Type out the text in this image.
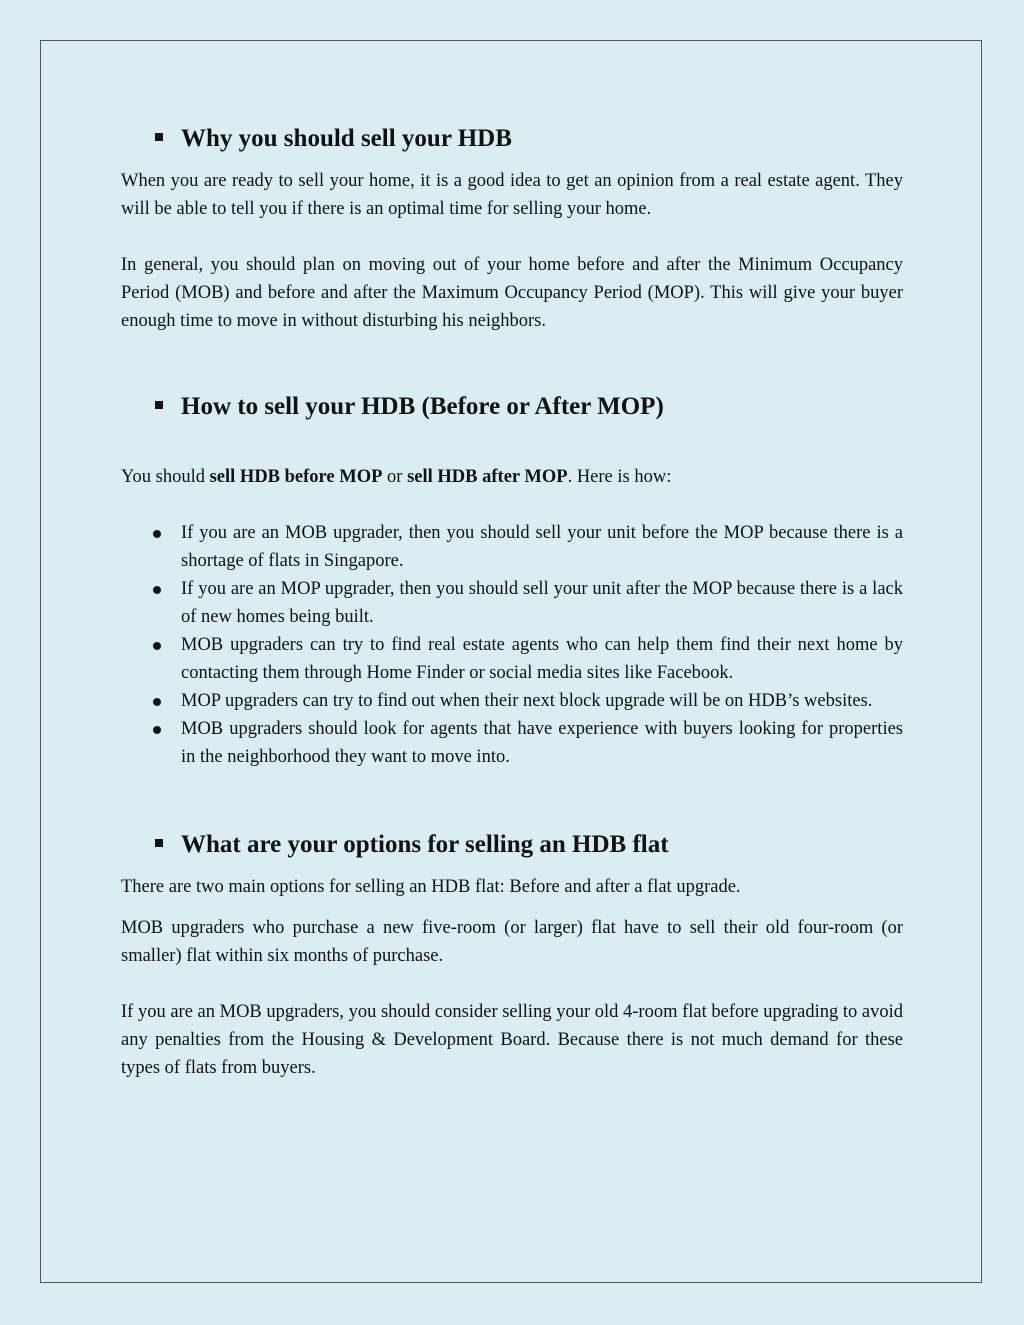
Why you should sell your HDB

When you are ready to sell your home, it is a good idea to get an opinion from a real estate agent. They will be able to tell you if there is an optimal time for selling your home.

In general, you should plan on moving out of your home before and after the Minimum Occupancy Period (MOB) and before and after the Maximum Occupancy Period (MOP). This will give your buyer enough time to move in without disturbing his neighbors.

How to sell your HDB (Before or After MOP)

You should sell HDB before MOP or sell HDB after MOP. Here is how:

If you are an MOB upgrader, then you should sell your unit before the MOP because there is a shortage of flats in Singapore.
If you are an MOP upgrader, then you should sell your unit after the MOP because there is a lack of new homes being built.
MOB upgraders can try to find real estate agents who can help them find their next home by contacting them through Home Finder or social media sites like Facebook.
MOP upgraders can try to find out when their next block upgrade will be on HDB’s websites.
MOB upgraders should look for agents that have experience with buyers looking for properties in the neighborhood they want to move into.
What are your options for selling an HDB flat

There are two main options for selling an HDB flat: Before and after a flat upgrade.

MOB upgraders who purchase a new five-room (or larger) flat have to sell their old four-room (or smaller) flat within six months of purchase.

If you are an MOB upgraders, you should consider selling your old 4-room flat before upgrading to avoid any penalties from the Housing & Development Board. Because there is not much demand for these types of flats from buyers.
